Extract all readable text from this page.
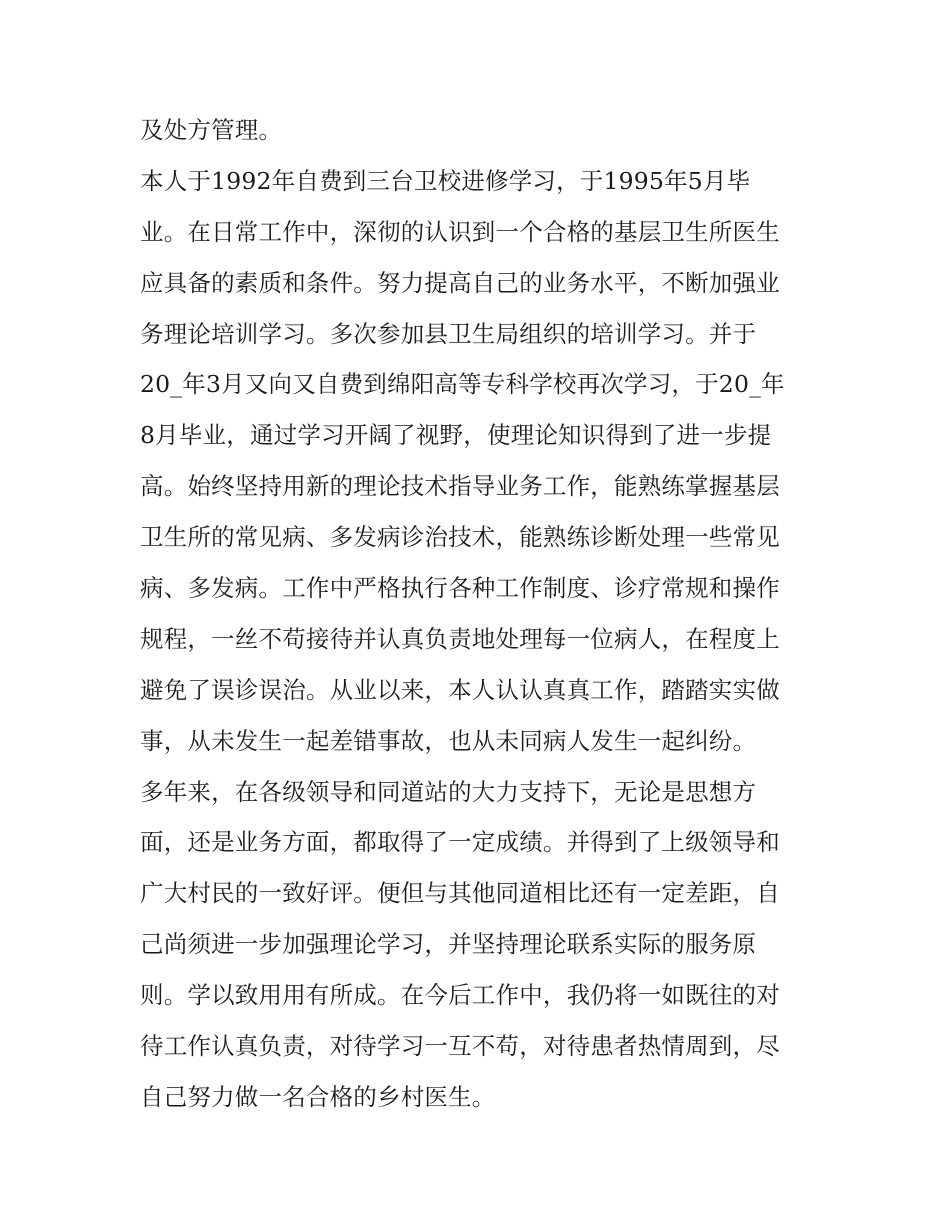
及处方管理。
本人于1992年自费到三台卫校进修学习，于1995年5月毕
业。在日常工作中，深彻的认识到一个合格的基层卫生所医生
应具备的素质和条件。努力提高自己的业务水平，不断加强业
务理论培训学习。多次参加县卫生局组织的培训学习。并于
20_年3月又向又自费到绵阳高等专科学校再次学习，于20_年
8月毕业，通过学习开阔了视野，使理论知识得到了进一步提
高。始终坚持用新的理论技术指导业务工作，能熟练掌握基层
卫生所的常见病、多发病诊治技术，能熟练诊断处理一些常见
病、多发病。工作中严格执行各种工作制度、诊疗常规和操作
规程，一丝不苟接待并认真负责地处理每一位病人，在程度上
避免了误诊误治。从业以来，本人认认真真工作，踏踏实实做
事，从未发生一起差错事故，也从未同病人发生一起纠纷。
多年来，在各级领导和同道站的大力支持下，无论是思想方
面，还是业务方面，都取得了一定成绩。并得到了上级领导和
广大村民的一致好评。便但与其他同道相比还有一定差距，自
己尚须进一步加强理论学习，并坚持理论联系实际的服务原
则。学以致用用有所成。在今后工作中，我仍将一如既往的对
待工作认真负责，对待学习一互不苟，对待患者热情周到，尽
自己努力做一名合格的乡村医生。
